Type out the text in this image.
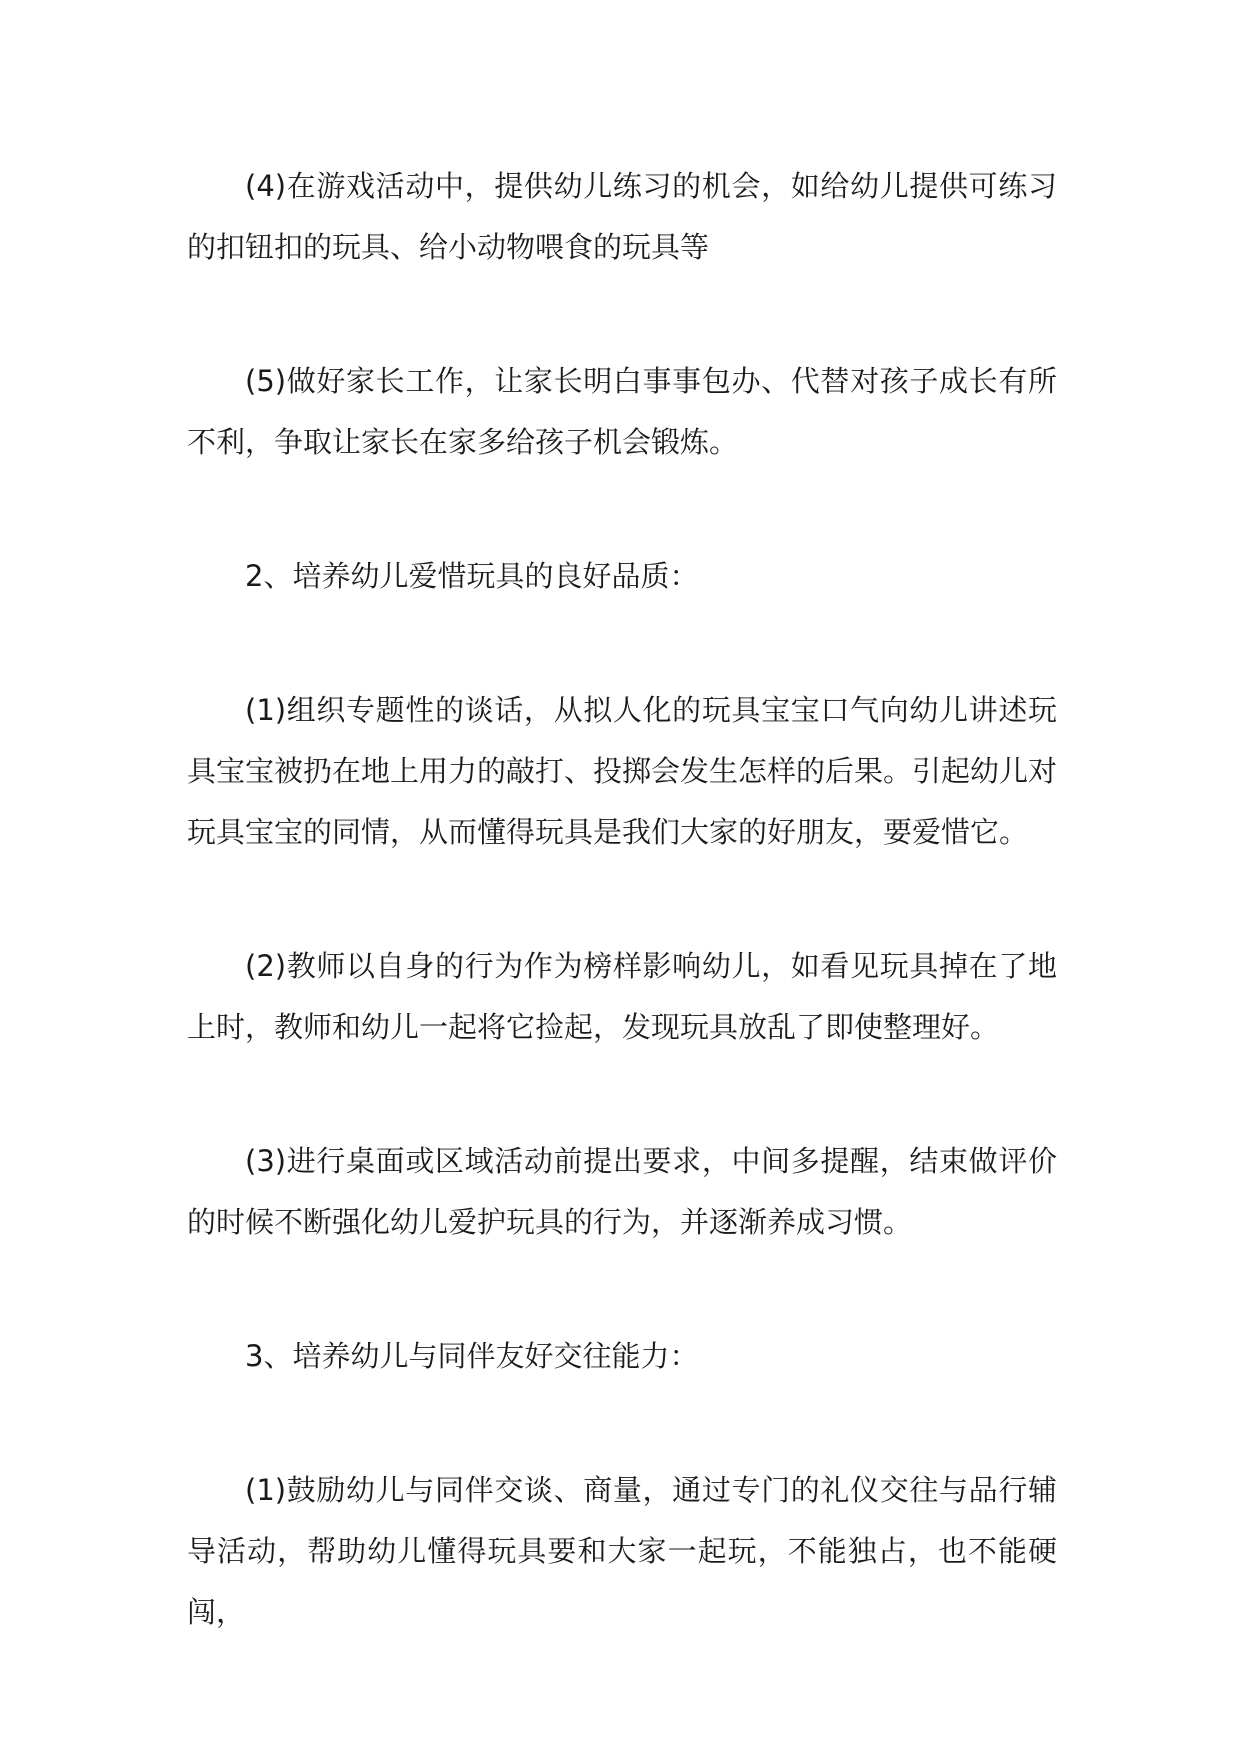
(4)在游戏活动中，提供幼儿练习的机会，如给幼儿提供可练习的扣钮扣的玩具、给小动物喂食的玩具等

(5)做好家长工作，让家长明白事事包办、代替对孩子成长有所不利，争取让家长在家多给孩子机会锻炼。

2、培养幼儿爱惜玩具的良好品质：

(1)组织专题性的谈话，从拟人化的玩具宝宝口气向幼儿讲述玩具宝宝被扔在地上用力的敲打、投掷会发生怎样的后果。引起幼儿对玩具宝宝的同情，从而懂得玩具是我们大家的好朋友，要爱惜它。

(2)教师以自身的行为作为榜样影响幼儿，如看见玩具掉在了地上时，教师和幼儿一起将它捡起，发现玩具放乱了即使整理好。

(3)进行桌面或区域活动前提出要求，中间多提醒，结束做评价的时候不断强化幼儿爱护玩具的行为，并逐渐养成习惯。

3、培养幼儿与同伴友好交往能力：

(1)鼓励幼儿与同伴交谈、商量，通过专门的礼仪交往与品行辅导活动，帮助幼儿懂得玩具要和大家一起玩，不能独占，也不能硬闯，
